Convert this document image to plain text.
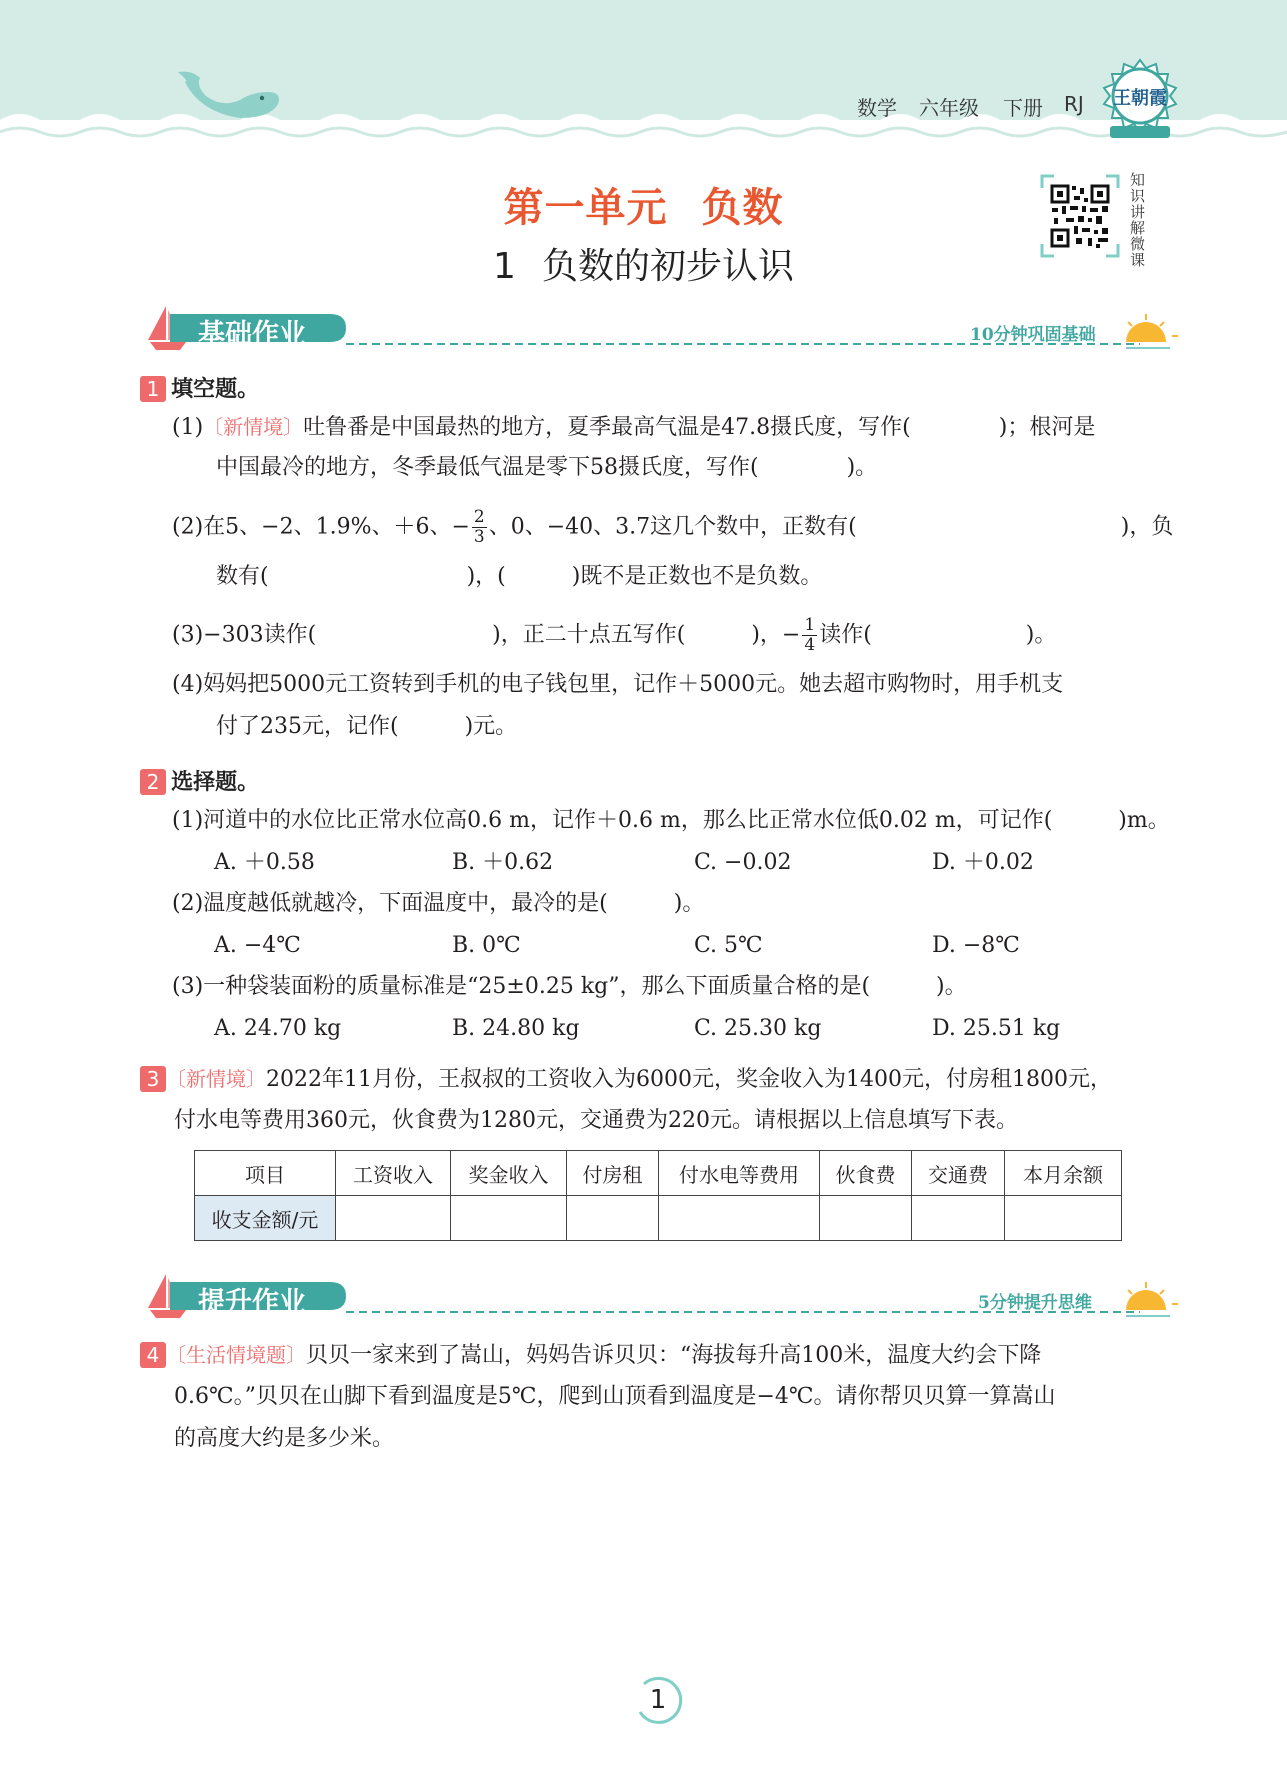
数学 六年级 下册 RJ	王朝霞
第一单元 负数
1 负数的初步认识
知识讲解微课
基础作业	10分钟巩固基础
1 填空题。
(1)〔新情境〕吐鲁番是中国最热的地方，夏季最高气温是47.8摄氏度，写作(　　　　)；根河是
中国最冷的地方，冬季最低气温是零下58摄氏度，写作(　　　　)。
(2)在5、−2、1.9%、＋6、− $\frac{2}{3}$ 、0、−40、3.7这几个数中，正数有(　　　　　　　　　　　　)，负
数有(　　　　　　　　　)，(　　　)既不是正数也不是负数。
(3)−303读作(　　　　　　　　)，正二十点五写作(　　　)，− $\frac{1}{4}$ 读作(　　　　　　　)。
(4)妈妈把5000元工资转到手机的电子钱包里，记作＋5000元。她去超市购物时，用手机支
付了235元，记作(　　　)元。
2 选择题。
(1)河道中的水位比正常水位高0.6 m，记作＋0.6 m，那么比正常水位低0.02 m，可记作(　　　)m。
A. ＋0.58	B. ＋0.62	C. −0.02	D. ＋0.02
(2)温度越低就越冷，下面温度中，最冷的是(　　　)。
A. −4℃	B. 0℃	C. 5℃	D. −8℃
(3)一种袋装面粉的质量标准是“25±0.25 kg”，那么下面质量合格的是(　　　)。
A. 24.70 kg	B. 24.80 kg	C. 25.30 kg	D. 25.51 kg
3 〔新情境〕2022年11月份，王叔叔的工资收入为6000元，奖金收入为1400元，付房租1800元，
付水电等费用360元，伙食费为1280元，交通费为220元。请根据以上信息填写下表。
项目	工资收入	奖金收入	付房租	付水电等费用	伙食费	交通费	本月余额
收支金额/元							
提升作业	5分钟提升思维
4 〔生活情境题〕贝贝一家来到了嵩山，妈妈告诉贝贝：“海拔每升高100米，温度大约会下降
0.6℃。”贝贝在山脚下看到温度是5℃，爬到山顶看到温度是−4℃。请你帮贝贝算一算嵩山
的高度大约是多少米。
1
